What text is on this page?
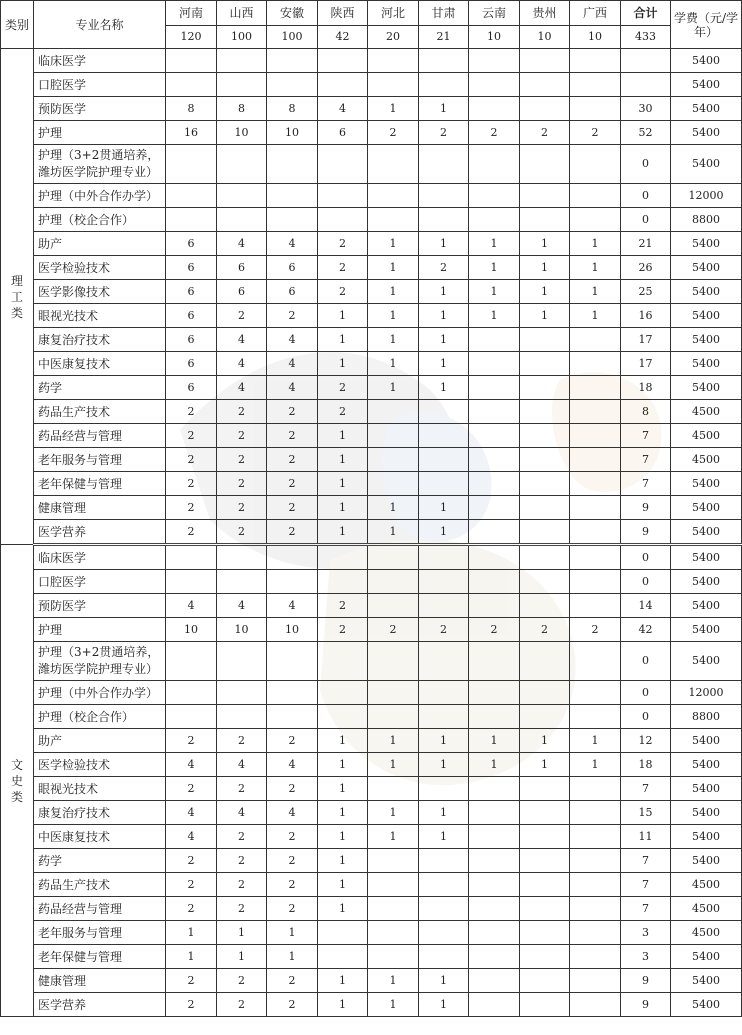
类别	专业名称	河南	山西	安徽	陕西	河北	甘肃	云南	贵州	广西	合计	学费（元/学年）
		120	100	100	42	20	21	10	10	10	433	
理工类	临床医学											5400
	口腔医学											5400
	预防医学	8	8	8	4	1	1				30	5400
	护理	16	10	10	6	2	2	2	2	2	52	5400
	护理（3+2贯通培养，潍坊医学院护理专业）										0	5400
	护理（中外合作办学）										0	12000
	护理（校企合作）										0	8800
	助产	6	4	4	2	1	1	1	1	1	21	5400
	医学检验技术	6	6	6	2	1	2	1	1	1	26	5400
	医学影像技术	6	6	6	2	1	1	1	1	1	25	5400
	眼视光技术	6	2	2	1	1	1	1	1	1	16	5400
	康复治疗技术	6	4	4	1	1	1				17	5400
	中医康复技术	6	4	4	1	1	1				17	5400
	药学	6	4	4	2	1	1				18	5400
	药品生产技术	2	2	2	2						8	4500
	药品经营与管理	2	2	2	1						7	4500
	老年服务与管理	2	2	2	1						7	4500
	老年保健与管理	2	2	2	1						7	5400
	健康管理	2	2	2	1	1	1				9	5400
	医学营养	2	2	2	1	1	1				9	5400
文史类	临床医学										0	5400
	口腔医学										0	5400
	预防医学	4	4	4	2						14	5400
	护理	10	10	10	2	2	2	2	2	2	42	5400
	护理（3+2贯通培养，潍坊医学院护理专业）										0	5400
	护理（中外合作办学）										0	12000
	护理（校企合作）										0	8800
	助产	2	2	2	1	1	1	1	1	1	12	5400
	医学检验技术	4	4	4	1	1	1	1	1	1	18	5400
	眼视光技术	2	2	2	1						7	5400
	康复治疗技术	4	4	4	1	1	1				15	5400
	中医康复技术	4	2	2	1	1	1				11	5400
	药学	2	2	2	1						7	5400
	药品生产技术	2	2	2	1						7	4500
	药品经营与管理	2	2	2	1						7	4500
	老年服务与管理	1	1	1							3	4500
	老年保健与管理	1	1	1							3	5400
	健康管理	2	2	2	1	1	1				9	5400
	医学营养	2	2	2	1	1	1				9	5400
